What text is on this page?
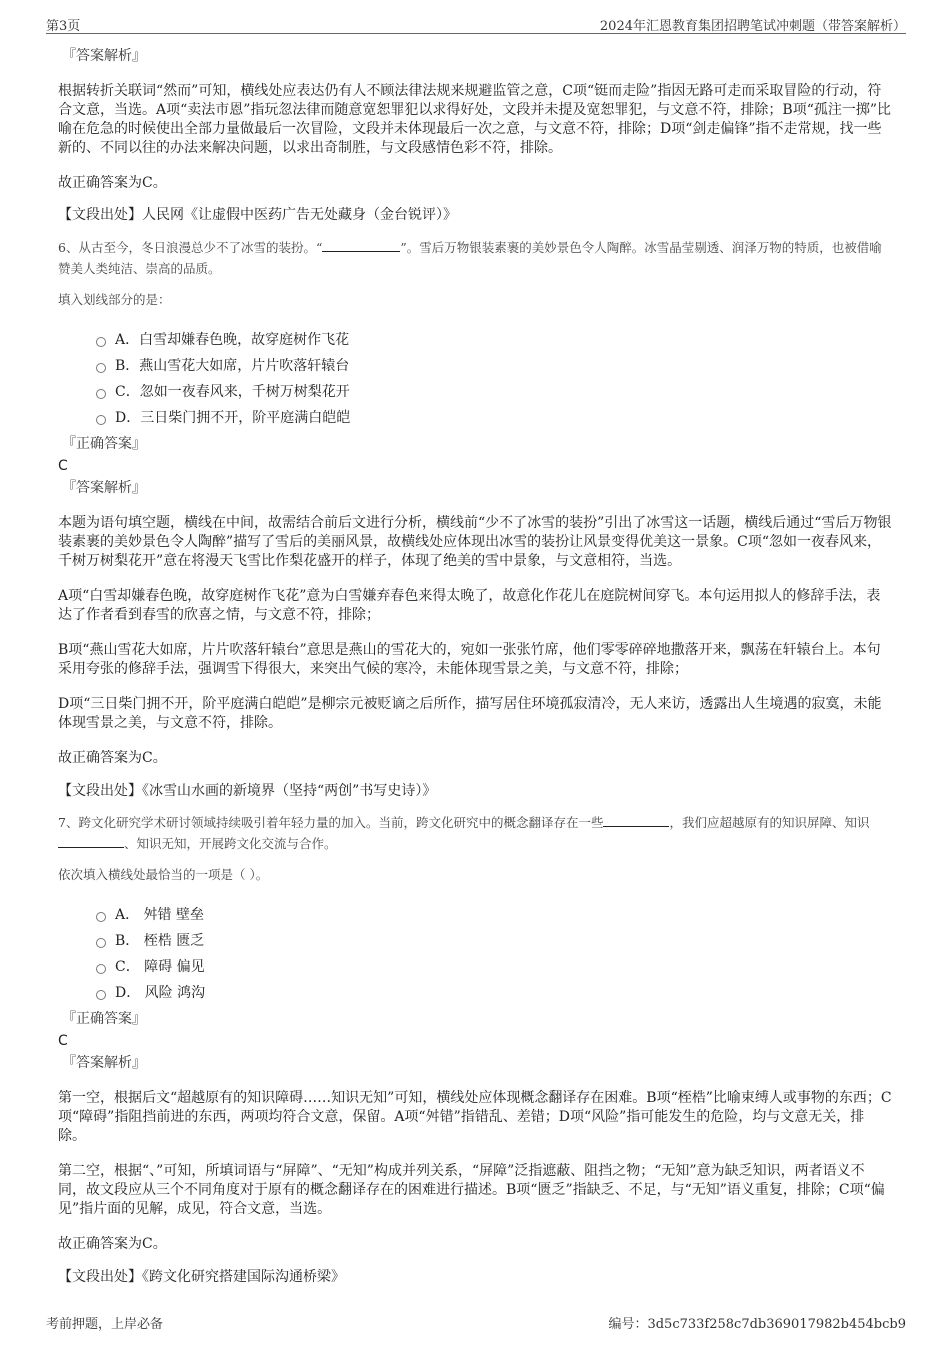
第3页	2024年汇恩教育集团招聘笔试冲刺题（带答案解析）

『答案解析』

根据转折关联词“然而”可知，横线处应表达仍有人不顾法律法规来规避监管之意，C项“铤而走险”指因无路可走而采取冒险的行动，符合文意，当选。A项“卖法市恩”指玩忽法律而随意宽恕罪犯以求得好处，文段并未提及宽恕罪犯，与文意不符，排除；B项“孤注一掷”比喻在危急的时候使出全部力量做最后一次冒险，文段并未体现最后一次之意，与文意不符，排除；D项“剑走偏锋”指不走常规，找一些新的、不同以往的办法来解决问题，以求出奇制胜，与文段感情色彩不符，排除。

故正确答案为C。

【文段出处】人民网《让虚假中医药广告无处藏身（金台锐评）》

6、从古至今，冬日浪漫总少不了冰雪的装扮。“	”。雪后万物银装素裹的美妙景色令人陶醉。冰雪晶莹剔透、润泽万物的特质，也被借喻赞美人类纯洁、崇高的品质。

填入划线部分的是：

A．白雪却嫌春色晚，故穿庭树作飞花
B．燕山雪花大如席，片片吹落轩辕台
C．忽如一夜春风来，千树万树梨花开
D．三日柴门拥不开，阶平庭满白皑皑

『正确答案』

C

『答案解析』

本题为语句填空题，横线在中间，故需结合前后文进行分析，横线前“少不了冰雪的装扮”引出了冰雪这一话题，横线后通过“雪后万物银装素裹的美妙景色令人陶醉”描写了雪后的美丽风景，故横线处应体现出冰雪的装扮让风景变得优美这一景象。C项“忽如一夜春风来，千树万树梨花开”意在将漫天飞雪比作梨花盛开的样子，体现了绝美的雪中景象，与文意相符，当选。

A项“白雪却嫌春色晚，故穿庭树作飞花”意为白雪嫌弃春色来得太晚了，故意化作花儿在庭院树间穿飞。本句运用拟人的修辞手法，表达了作者看到春雪的欣喜之情，与文意不符，排除；

B项“燕山雪花大如席，片片吹落轩辕台”意思是燕山的雪花大的，宛如一张张竹席，他们零零碎碎地撒落开来，飘荡在轩辕台上。本句采用夸张的修辞手法，强调雪下得很大，来突出气候的寒冷，未能体现雪景之美，与文意不符，排除；

D项“三日柴门拥不开，阶平庭满白皑皑”是柳宗元被贬谪之后所作，描写居住环境孤寂清冷，无人来访，透露出人生境遇的寂寞，未能体现雪景之美，与文意不符，排除。

故正确答案为C。

【文段出处】《冰雪山水画的新境界（坚持“两创”书写史诗）》

7、跨文化研究学术研讨领域持续吸引着年轻力量的加入。当前，跨文化研究中的概念翻译存在一些	，我们应超越原有的知识屏障、知识、知识无知，开展跨文化交流与合作。

依次填入横线处最恰当的一项是（ ）。

A． 舛错 壁垒
B． 桎梏 匮乏
C． 障碍 偏见
D． 风险 鸿沟

『正确答案』

C

『答案解析』

第一空，根据后文“超越原有的知识障碍……知识无知”可知，横线处应体现概念翻译存在困难。B项“桎梏”比喻束缚人或事物的东西；C项“障碍”指阻挡前进的东西，两项均符合文意，保留。A项“舛错”指错乱、差错；D项“风险”指可能发生的危险，均与文意无关，排除。

第二空，根据“、”可知，所填词语与“屏障”、“无知”构成并列关系，“屏障”泛指遮蔽、阻挡之物；“无知”意为缺乏知识，两者语义不同，故文段应从三个不同角度对于原有的概念翻译存在的困难进行描述。B项“匮乏”指缺乏、不足，与“无知”语义重复，排除；C项“偏见”指片面的见解，成见，符合文意，当选。

故正确答案为C。

【文段出处】《跨文化研究搭建国际沟通桥梁》

考前押题，上岸必备	编号：3d5c733f258c7db369017982b454bcb9
